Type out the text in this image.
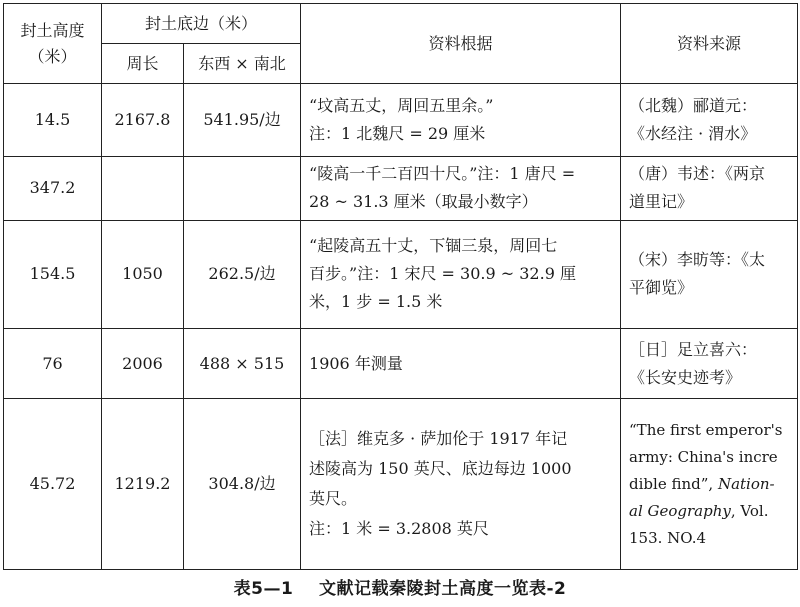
封土高度（米）	封土底边（米）		资料根据	资料来源
	周长	东西 × 南北		
14.5	2167.8	541.95/边	“坟高五丈，周回五里余。”
注：1 北魏尺 = 29 厘米	（北魏）郦道元：
《水经注 · 渭水》

347.2			“陵高一千二百四十尺。”注：1 唐尺 =
28 ~ 31.3 厘米（取最小数字）	（唐）韦述：《两京
道里记》

154.5	1050	262.5/边	“起陵高五十丈，下锢三泉，周回七
百步。”注：1 宋尺 = 30.9 ~ 32.9 厘
米，1 步 = 1.5 米	（宋）李昉等：《太
平御览》

76	2006	488 × 515	1906 年测量	［日］足立喜六：
《长安史迹考》

45.72	1219.2	304.8/边	［法］维克多 · 萨加伦于 1917 年记
述陵高为 150 英尺、底边每边 1000
英尺。
注：1 米 = 3.2808 英尺	“The first emperor's
army: China's incre
dible find”, Nation-
al Geography, Vol.
153. NO.4
表5—1    文献记载秦陵封土高度一览表-2
